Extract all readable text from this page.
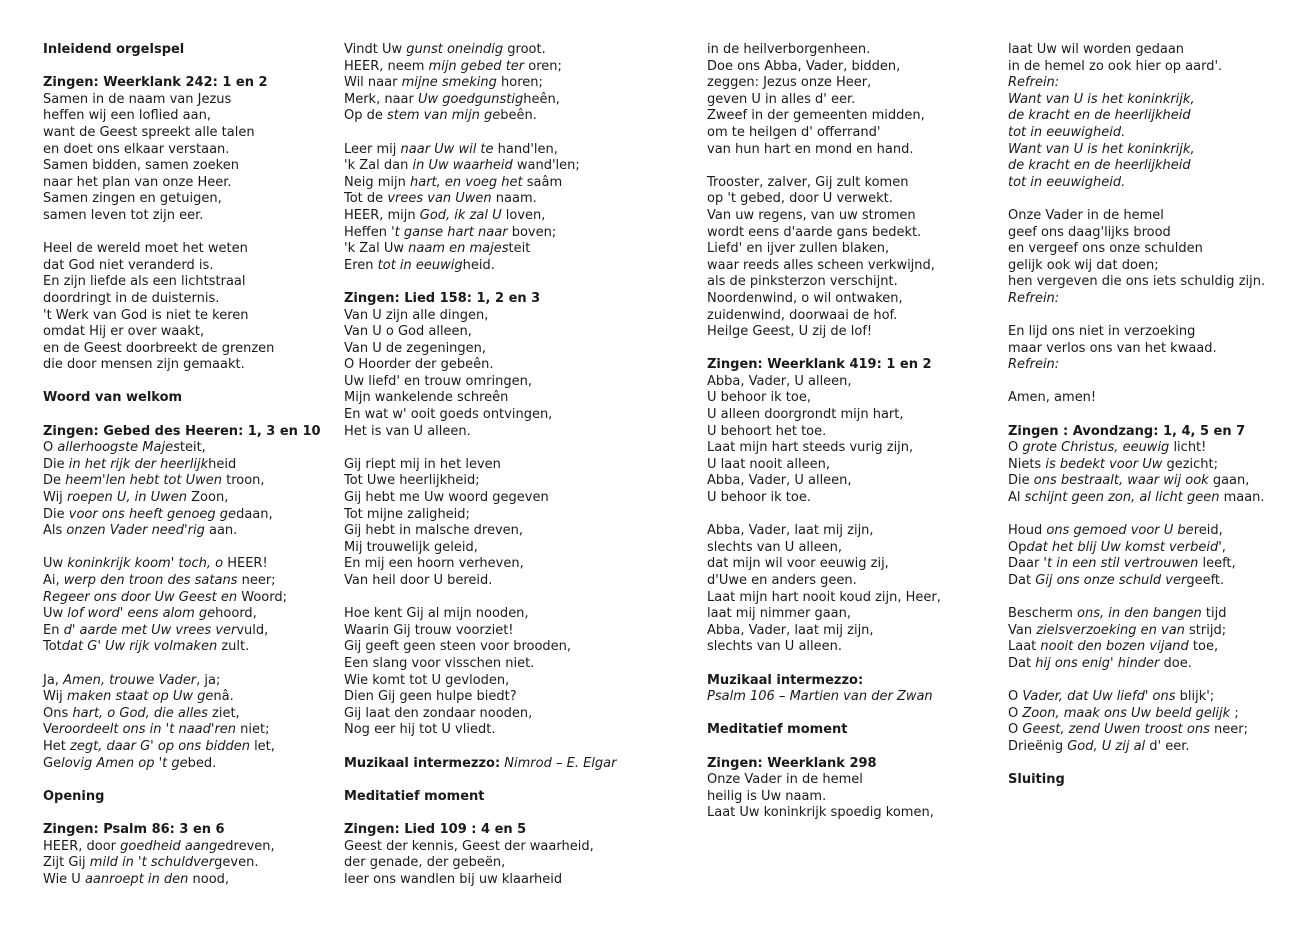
Inleidend orgelspel
Zingen: Weerklank 242: 1 en 2
Samen in de naam van Jezus
heffen wij een loflied aan,
want de Geest spreekt alle talen
en doet ons elkaar verstaan.
Samen bidden, samen zoeken
naar het plan van onze Heer.
Samen zingen en getuigen,
samen leven tot zijn eer.
Heel de wereld moet het weten
dat God niet veranderd is.
En zijn liefde als een lichtstraal
doordringt in de duisternis.
't Werk van God is niet te keren
omdat Hij er over waakt,
en de Geest doorbreekt de grenzen
die door mensen zijn gemaakt.
Woord van welkom
Zingen: Gebed des Heeren: 1, 3 en 10
O allerhoogste Majesteit,
Die in het rijk der heerlijkheid
De heem'len hebt tot Uwen troon,
Wij roepen U, in Uwen Zoon,
Die voor ons heeft genoeg gedaan,
Als onzen Vader need'rig aan.
Uw koninkrijk koom' toch, o HEER!
Ai, werp den troon des satans neer;
Regeer ons door Uw Geest en Woord;
Uw lof word' eens alom gehoord,
En d' aarde met Uw vrees vervuld,
Totdat G' Uw rijk volmaken zult.
Ja, Amen, trouwe Vader, ja;
Wij maken staat op Uw genâ.
Ons hart, o God, die alles ziet,
Veroordeelt ons in 't naad'ren niet;
Het zegt, daar G' op ons bidden let,
Gelovig Amen op 't gebed.
Opening
Zingen: Psalm 86: 3 en 6
HEER, door goedheid aangedreven,
Zijt Gij mild in 't schuldvergeven.
Wie U aanroept in den nood,
Vindt Uw gunst oneindig groot.
HEER, neem mijn gebed ter oren;
Wil naar mijne smeking horen;
Merk, naar Uw goedgunstigheên,
Op de stem van mijn gebeên.
Leer mij naar Uw wil te hand'len,
'k Zal dan in Uw waarheid wand'len;
Neig mijn hart, en voeg het saâm
Tot de vrees van Uwen naam.
HEER, mijn God, ik zal U loven,
Heffen 't ganse hart naar boven;
'k Zal Uw naam en majesteit
Eren tot in eeuwigheid.
Zingen: Lied 158: 1, 2 en 3
Van U zijn alle dingen,
Van U o God alleen,
Van U de zegeningen,
O Hoorder der gebeên.
Uw liefd' en trouw omringen,
Mijn wankelende schreên
En wat w' ooit goeds ontvingen,
Het is van U alleen.
Gij riept mij in het leven
Tot Uwe heerlijkheid;
Gij hebt me Uw woord gegeven
Tot mijne zaligheid;
Gij hebt in malsche dreven,
Mij trouwelijk geleid,
En mij een hoorn verheven,
Van heil door U bereid.
Hoe kent Gij al mijn nooden,
Waarin Gij trouw voorziet!
Gij geeft geen steen voor brooden,
Een slang voor visschen niet.
Wie komt tot U gevloden,
Dien Gij geen hulpe biedt?
Gij laat den zondaar nooden,
Nog eer hij tot U vliedt.
Muzikaal intermezzo: Nimrod – E. Elgar
Meditatief moment
Zingen: Lied 109 : 4 en 5
Geest der kennis, Geest der waarheid,
der genade, der gebeën,
leer ons wandlen bij uw klaarheid
in de heilverborgenheen.
Doe ons Abba, Vader, bidden,
zeggen: Jezus onze Heer,
geven U in alles d' eer.
Zweef in der gemeenten midden,
om te heilgen d' offerrand'
van hun hart en mond en hand.
Trooster, zalver, Gij zult komen
op 't gebed, door U verwekt.
Van uw regens, van uw stromen
wordt eens d'aarde gans bedekt.
Liefd' en ijver zullen blaken,
waar reeds alles scheen verkwijnd,
als de pinksterzon verschijnt.
Noordenwind, o wil ontwaken,
zuidenwind, doorwaai de hof.
Heilge Geest, U zij de lof!
Zingen: Weerklank 419: 1 en 2
Abba, Vader, U alleen,
U behoor ik toe,
U alleen doorgrondt mijn hart,
U behoort het toe.
Laat mijn hart steeds vurig zijn,
U laat nooit alleen,
Abba, Vader, U alleen,
U behoor ik toe.
Abba, Vader, laat mij zijn,
slechts van U alleen,
dat mijn wil voor eeuwig zij,
d'Uwe en anders geen.
Laat mijn hart nooit koud zijn, Heer,
laat mij nimmer gaan,
Abba, Vader, laat mij zijn,
slechts van U alleen.
Muzikaal intermezzo:
Psalm 106 – Martien van der Zwan
Meditatief moment
Zingen: Weerklank 298
Onze Vader in de hemel
heilig is Uw naam.
Laat Uw koninkrijk spoedig komen,
laat Uw wil worden gedaan
in de hemel zo ook hier op aard'.
Refrein:
Want van U is het koninkrijk,
de kracht en de heerlijkheid
tot in eeuwigheid.
Want van U is het koninkrijk,
de kracht en de heerlijkheid
tot in eeuwigheid.
Onze Vader in de hemel
geef ons daag'lijks brood
en vergeef ons onze schulden
gelijk ook wij dat doen;
hen vergeven die ons iets schuldig zijn.
Refrein:
En lijd ons niet in verzoeking
maar verlos ons van het kwaad.
Refrein:
Amen, amen!
Zingen : Avondzang: 1, 4, 5 en 7
O grote Christus, eeuwig licht!
Niets is bedekt voor Uw gezicht;
Die ons bestraalt, waar wij ook gaan,
Al schijnt geen zon, al licht geen maan.
Houd ons gemoed voor U bereid,
Opdat het blij Uw komst verbeid',
Daar 't in een stil vertrouwen leeft,
Dat Gij ons onze schuld vergeeft.
Bescherm ons, in den bangen tijd
Van zielsverzoeking en van strijd;
Laat nooit den bozen vijand toe,
Dat hij ons enig' hinder doe.
O Vader, dat Uw liefd' ons blijk';
O Zoon, maak ons Uw beeld gelijk ;
O Geest, zend Uwen troost ons neer;
Drieënig God, U zij al d' eer.
Sluiting
